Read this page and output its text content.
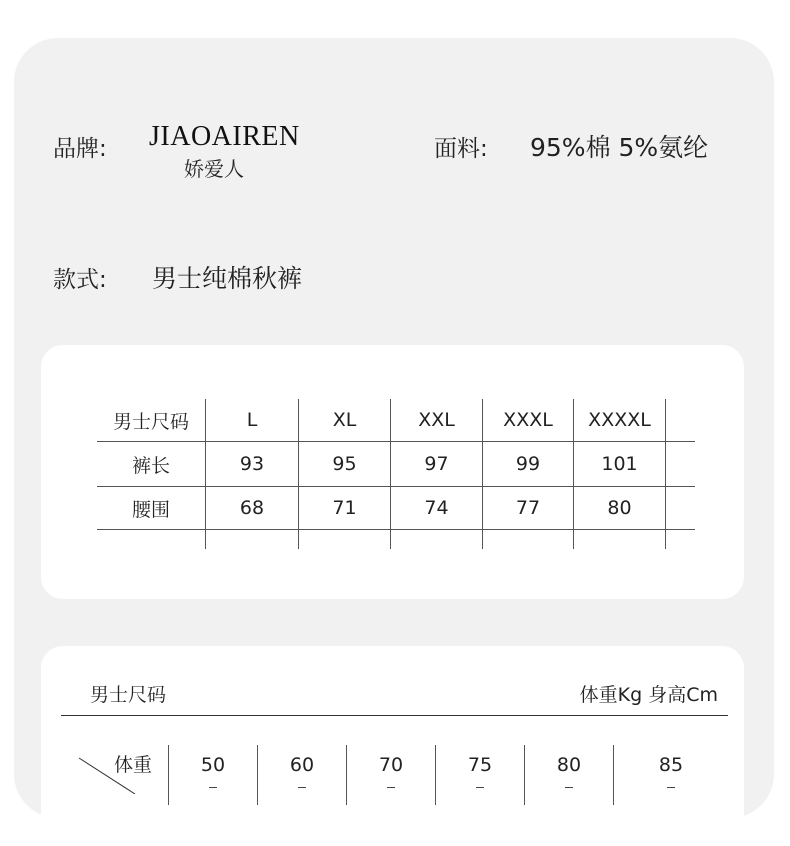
品牌: JIAOAIREN
娇爱人
面料: 95%棉 5%氨纶
款式: 男士纯棉秋裤
男士尺码	L	XL	XXL	XXXL	XXXXL
裤长	93	95	97	99	101
腰围	68	71	74	77	80
男士尺码	体重Kg 身高Cm
体重	50	60	70	75	80	85
